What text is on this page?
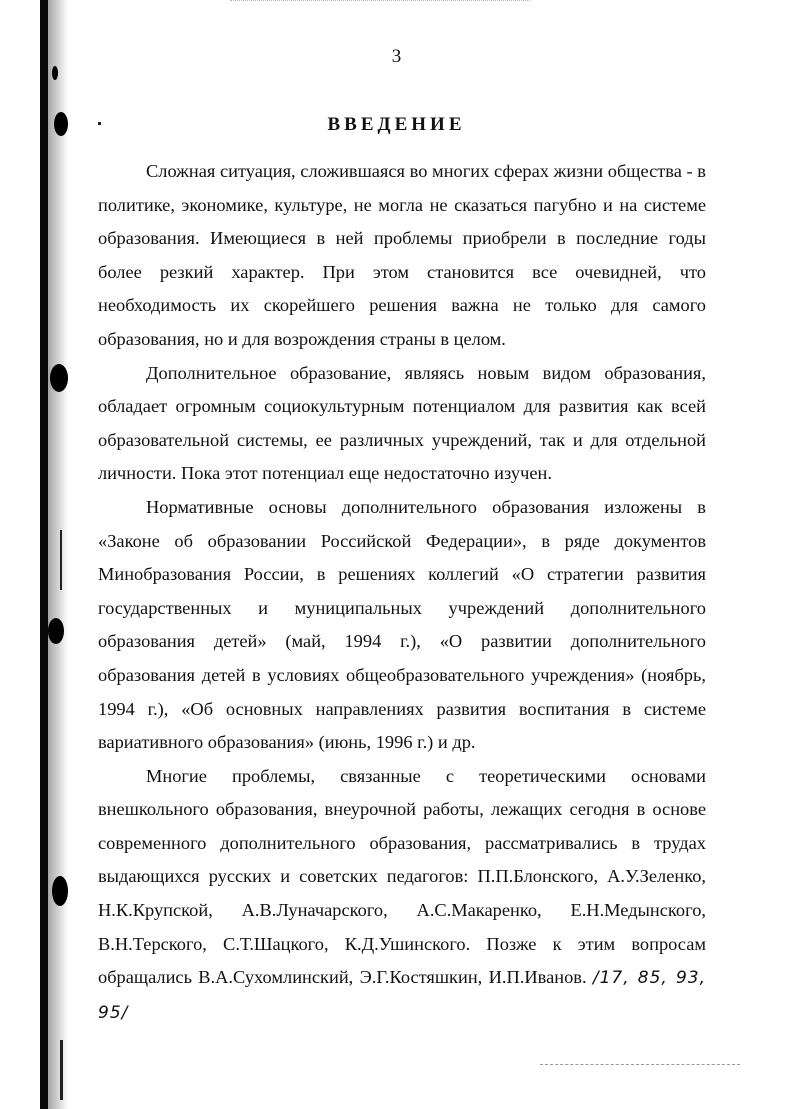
3
ВВЕДЕНИЕ

Сложная ситуация, сложившаяся во многих сферах жизни общества - в политике, экономике, культуре, не могла не сказаться пагубно и на системе образования. Имеющиеся в ней проблемы приобрели в последние годы более резкий характер. При этом становится все очевидней, что необходимость их скорейшего решения важна не только для самого образования, но и для возрождения страны в целом.

Дополнительное образование, являясь новым видом образования, обладает огромным социокультурным потенциалом для развития как всей образовательной системы, ее различных учреждений, так и для отдельной личности. Пока этот потенциал еще недостаточно изучен.

Нормативные основы дополнительного образования изложены в «Законе об образовании Российской Федерации», в ряде документов Минобразования России, в решениях коллегий «О стратегии развития государственных и муниципальных учреждений дополнительного образования детей» (май, 1994 г.), «О развитии дополнительного образования детей в условиях общеобразовательного учреждения» (ноябрь, 1994 г.), «Об основных направлениях развития воспитания в системе вариативного образования» (июнь, 1996 г.) и др.

Многие проблемы, связанные с теоретическими основами внешкольного образования, внеурочной работы, лежащих сегодня в основе современного дополнительного образования, рассматривались в трудах выдающихся русских и советских педагогов: П.П.Блонского, А.У.Зеленко, Н.К.Крупской, А.В.Луначарского, А.С.Макаренко, Е.Н.Медынского, В.Н.Терского, С.Т.Шацкого, К.Д.Ушинского. Позже к этим вопросам обращались В.А.Сухомлинский, Э.Г.Костяшкин, И.П.Иванов. /17, 85, 93, 95/
